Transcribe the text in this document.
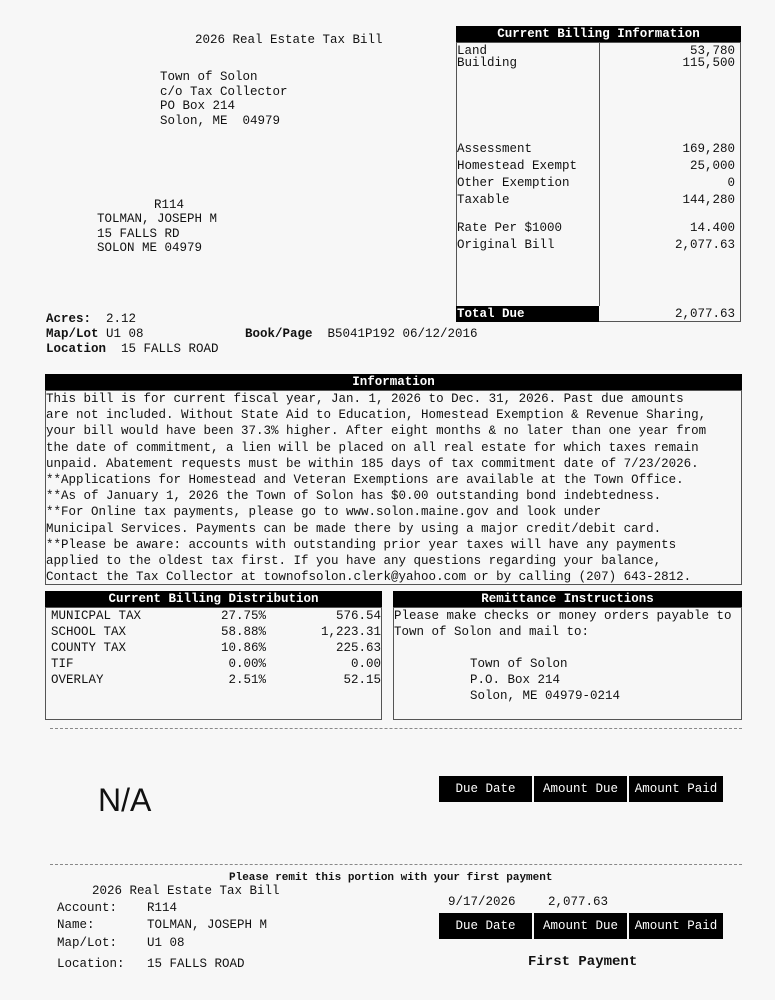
2026 Real Estate Tax Bill
Town of Solon
c/o Tax Collector
PO Box 214
Solon, ME  04979
R114
TOLMAN, JOSEPH M
15 FALLS RD
SOLON ME 04979
Acres: 2.12
Map/Lot U1 08	Book/Page B5041P192 06/12/2016
Location 15 FALLS ROAD
Current Billing Information
Land	53,780
Building	115,500
Assessment	169,280
Homestead Exempt	25,000
Other Exemption	0
Taxable	144,280
Rate Per $1000	14.400
Original Bill	2,077.63
Total Due	2,077.63
Information
This bill is for current fiscal year, Jan. 1, 2026 to Dec. 31, 2026. Past due amounts
are not included. Without State Aid to Education, Homestead Exemption & Revenue Sharing,
your bill would have been 37.3% higher. After eight months & no later than one year from
the date of commitment, a lien will be placed on all real estate for which taxes remain
unpaid. Abatement requests must be within 185 days of tax commitment date of 7/23/2026.
**Applications for Homestead and Veteran Exemptions are available at the Town Office.
**As of January 1, 2026 the Town of Solon has $0.00 outstanding bond indebtedness.
**For Online tax payments, please go to www.solon.maine.gov and look under
Municipal Services. Payments can be made there by using a major credit/debit card.
**Please be aware: accounts with outstanding prior year taxes will have any payments
applied to the oldest tax first. If you have any questions regarding your balance,
Contact the Tax Collector at townofsolon.clerk@yahoo.com or by calling (207) 643-2812.
Current Billing Distribution
MUNICPAL TAX	27.75%	576.54
SCHOOL TAX	58.88%	1,223.31
COUNTY TAX	10.86%	225.63
TIF	0.00%	0.00
OVERLAY	2.51%	52.15
Remittance Instructions
Please make checks or money orders payable to
Town of Solon and mail to:
Town of Solon
P.O. Box 214
Solon, ME 04979-0214
N/A	Due Date	Amount Due	Amount Paid
Please remit this portion with your first payment
2026 Real Estate Tax Bill
Account: R114
Name:	TOLMAN, JOSEPH M
Map/Lot: U1 08
Location: 15 FALLS ROAD
9/17/2026	2,077.63
Due Date	Amount Due	Amount Paid
First Payment
